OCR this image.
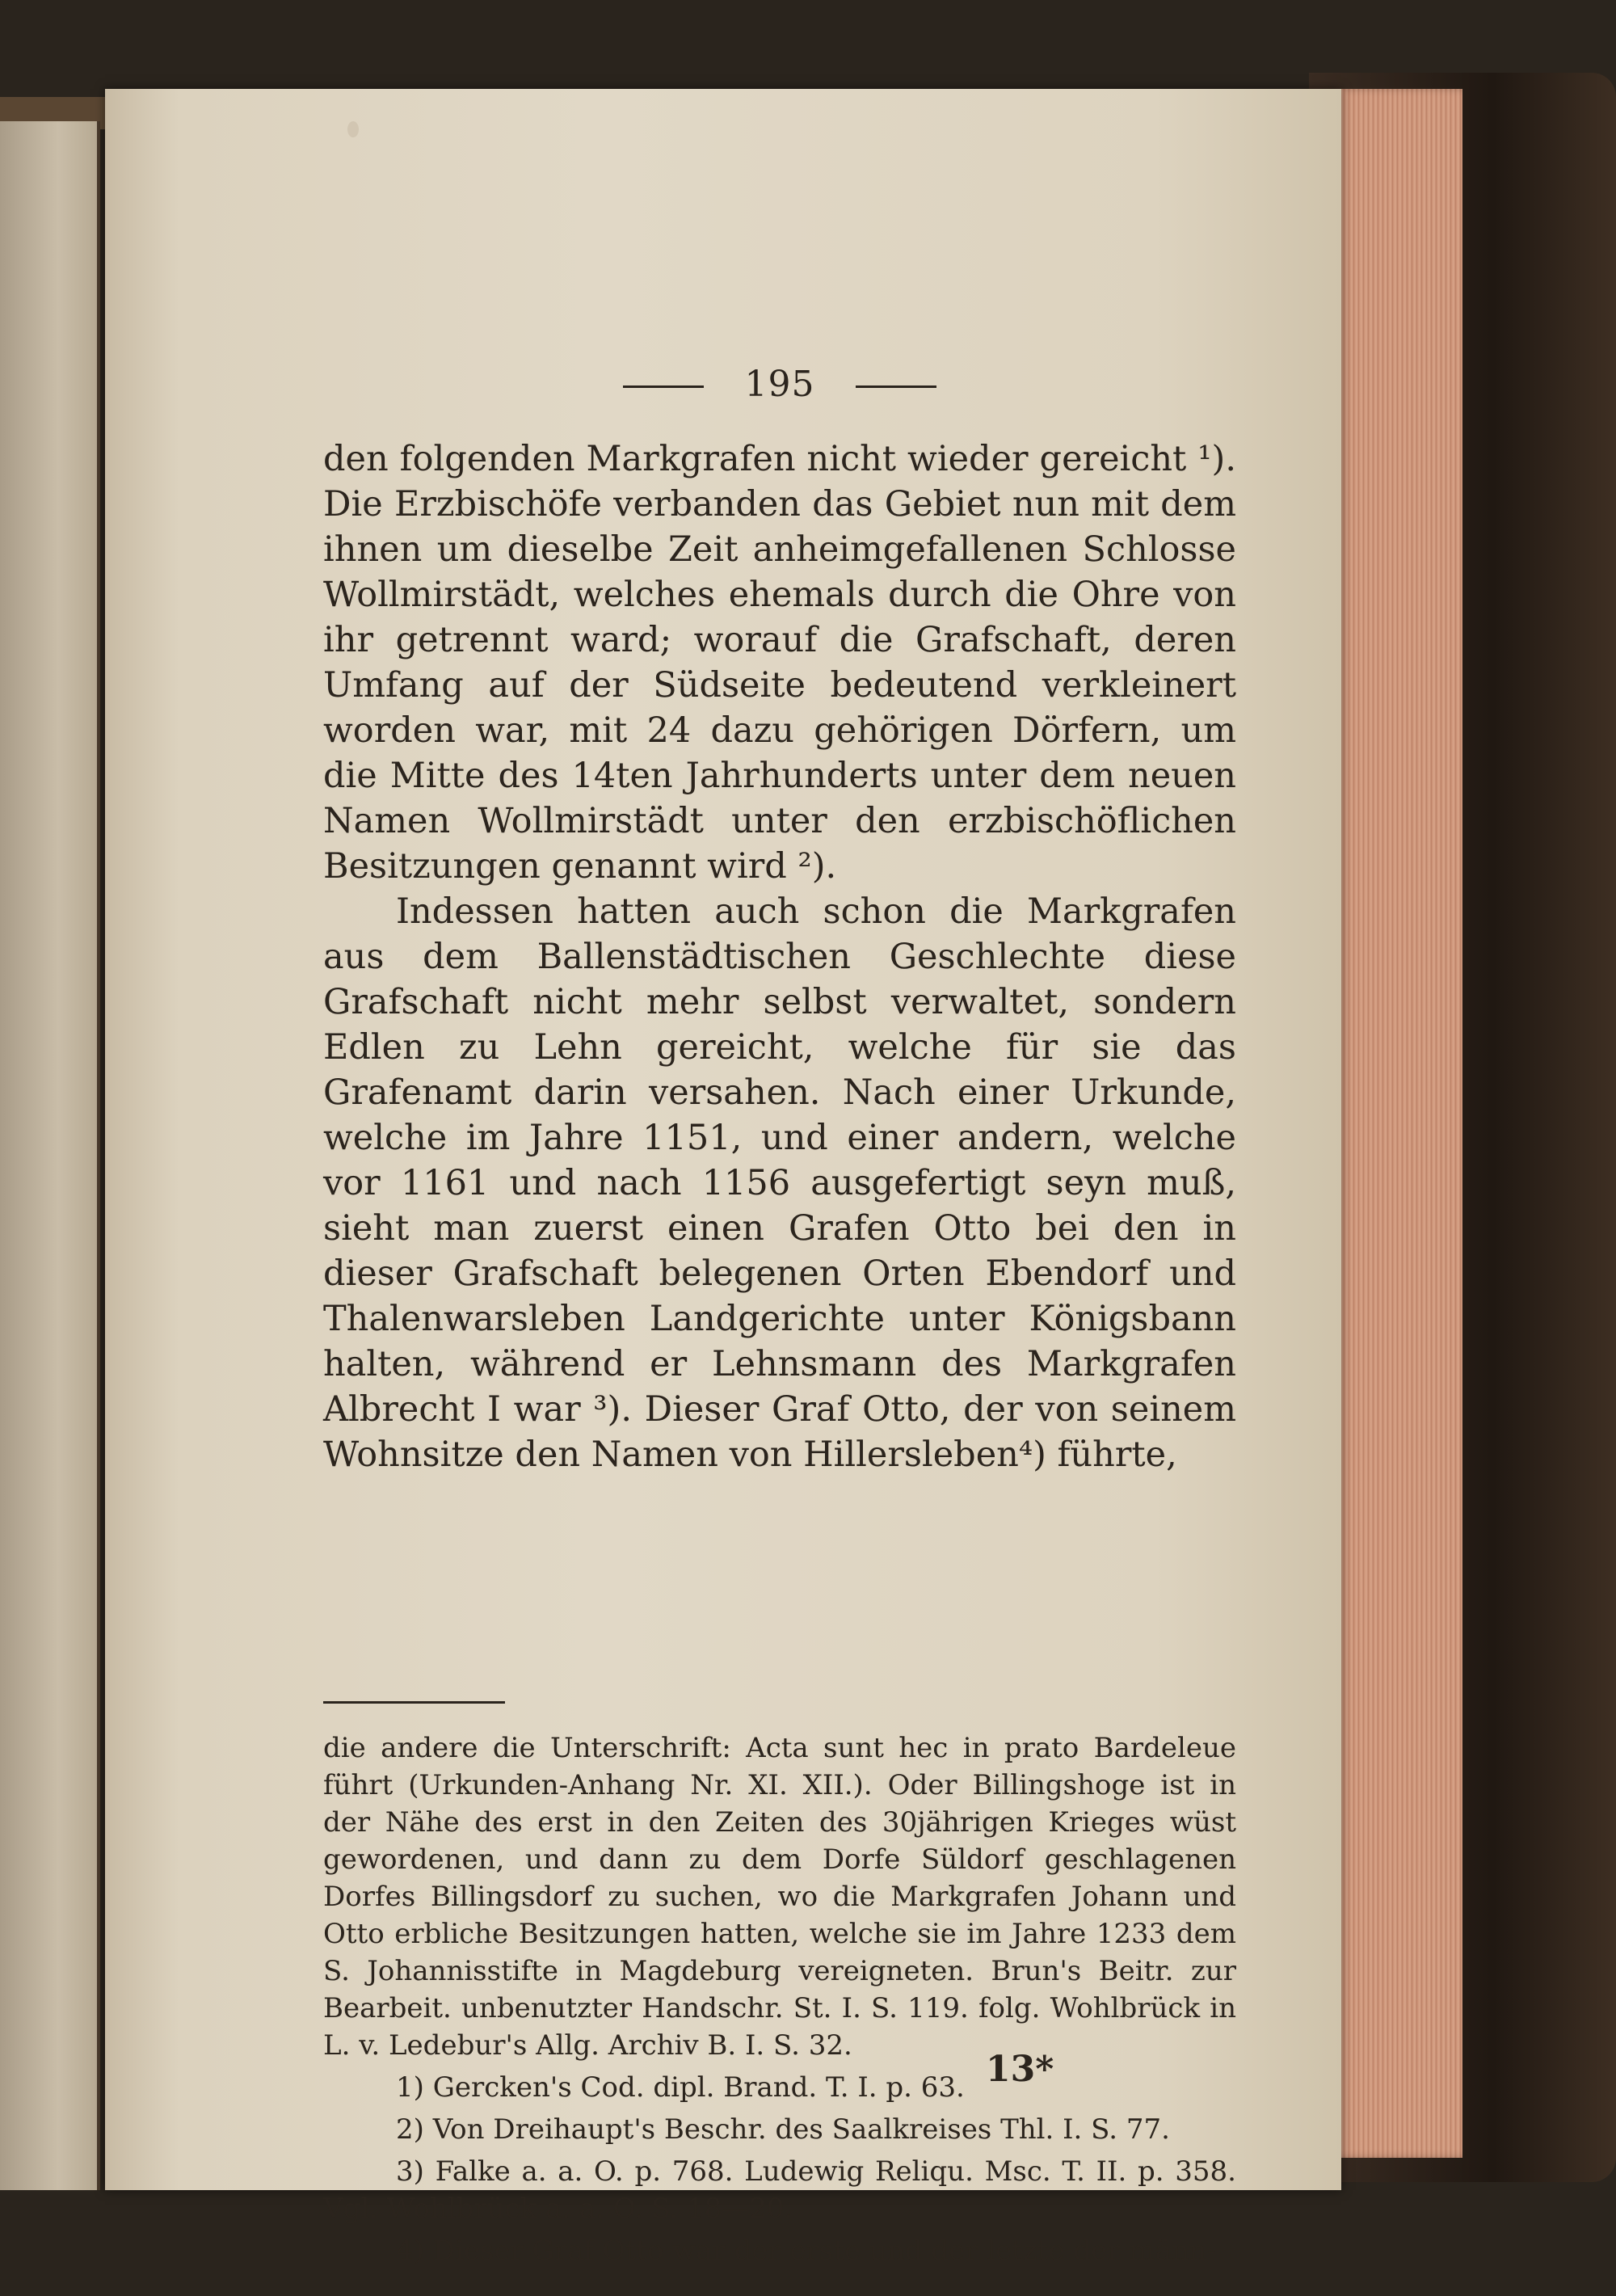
195

den folgenden Markgrafen nicht wieder gereicht ¹). Die Erzbischöfe verbanden das Gebiet nun mit dem ihnen um dieselbe Zeit anheimgefallenen Schlosse Wollmirstädt, welches ehemals durch die Ohre von ihr getrennt ward; worauf die Grafschaft, deren Umfang auf der Südseite bedeutend verkleinert worden war, mit 24 dazu gehörigen Dörfern, um die Mitte des 14ten Jahrhunderts unter dem neuen Namen Wollmirstädt unter den erzbischöflichen Besitzungen genannt wird ²).

Indessen hatten auch schon die Markgrafen aus dem Ballenstädtischen Geschlechte diese Grafschaft nicht mehr selbst verwaltet, sondern Edlen zu Lehn gereicht, welche für sie das Grafenamt darin versahen. Nach einer Urkunde, welche im Jahre 1151, und einer andern, welche vor 1161 und nach 1156 ausgefertigt seyn muß, sieht man zuerst einen Grafen Otto bei den in dieser Grafschaft belegenen Orten Ebendorf und Thalenwarsleben Landgerichte unter Königsbann halten, während er Lehnsmann des Markgrafen Albrecht I war ³). Dieser Graf Otto, der von seinem Wohnsitze den Namen von Hillersleben⁴) führte,

die andere die Unterschrift: Acta sunt hec in prato Bardeleue führt (Urkunden-Anhang Nr. XI. XII.). Oder Billingshoge ist in der Nähe des erst in den Zeiten des 30jährigen Krieges wüst gewordenen, und dann zu dem Dorfe Süldorf geschlagenen Dorfes Billingsdorf zu suchen, wo die Markgrafen Johann und Otto erbliche Besitzungen hatten, welche sie im Jahre 1233 dem S. Johannisstifte in Magdeburg vereigneten. Brun's Beitr. zur Bearbeit. unbenutzter Handschr. St. I. S. 119. folg. Wohlbrück in L. v. Ledebur's Allg. Archiv B. I. S. 32.

1) Gercken's Cod. dipl. Brand. T. I. p. 63.

2) Von Dreihaupt's Beschr. des Saalkreises Thl. I. S. 77.

3) Falke a. a. O. p. 768. Ludewig Reliqu. Msc. T. II. p. 358. Vgl. Wohlbrück a. a. O. S. 18—20.

4) Dieser Graf Otto war der erste und der letzte der männ-

13*
